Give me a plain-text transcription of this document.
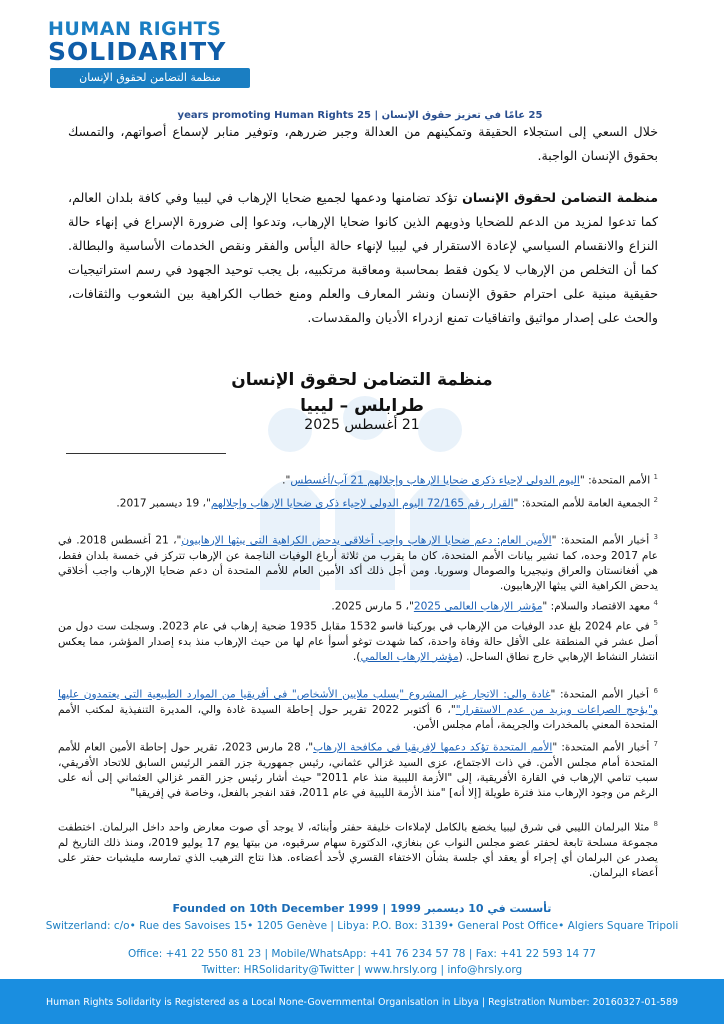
HUMAN RIGHTS
SOLIDARITY
منظمة التضامن لحقوق الإنسان
25 عامًا في تعزيز حقوق الإنسان | 25 years promoting Human Rights
خلال السعي إلى استجلاء الحقيقة وتمكينهم من العدالة وجبر ضررهم، وتوفير منابر لإسماع أصواتهم، والتمسك بحقوق الإنسان الواجبة.
منظمة التضامن لحقوق الإنسان تؤكد تضامنها ودعمها لجميع ضحايا الإرهاب في ليبيا وفي كافة بلدان العالم، كما تدعوا لمزيد من الدعم للضحايا وذويهم الذين كانوا ضحايا الإرهاب، وتدعوا إلى ضرورة الإسراع في إنهاء حالة النزاع والانقسام السياسي لإعادة الاستقرار في ليبيا لإنهاء حالة اليأس والفقر ونقص الخدمات الأساسية والبطالة. كما أن التخلص من الإرهاب لا يكون فقط بمحاسبة ومعاقبة مرتكبيه، بل يجب توحيد الجهود في رسم استراتيجيات حقيقية مبنية على احترام حقوق الإنسان ونشر المعارف والعلم ومنع خطاب الكراهية بين الشعوب والثقافات، والحث على إصدار مواثيق واتفاقيات تمنع ازدراء الأديان والمقدسات.
منظمة التضامن لحقوق الإنسان
طرابلس – ليبيا
21 أغسطس 2025
$^1$ الأمم المتحدة: "اليوم الدولي لإحياء ذكرى ضحايا الإرهاب وإجلالهم 21 آب/أغسطس".
$^2$ الجمعية العامة للأمم المتحدة: "القرار رقم 72/165 اليوم الدولي لإحياء ذكرى ضحايا الإرهاب وإجلالهم"، 19 ديسمبر 2017.
$^3$ أخبار الأمم المتحدة: "الأمين العام: دعم ضحايا الإرهاب واجب أخلاقي يدحض الكراهية التي يبثها الإرهابيون"، 21 أغسطس 2018. في عام 2017 وحده، كما تشير بيانات الأمم المتحدة، كان ما يقرب من ثلاثة أرباع الوفيات الناجمة عن الإرهاب تتركز في خمسة بلدان فقط، هي أفغانستان والعراق ونيجيريا والصومال وسوريا. ومن أجل ذلك أكد الأمين العام للأمم المتحدة أن دعم ضحايا الإرهاب واجب أخلاقي يدحض الكراهية التي يبثها الإرهابيون.
$^4$ معهد الاقتصاد والسلام: "مؤشر الإرهاب العالمي 2025"، 5 مارس 2025.
$^5$ في عام 2024 بلغ عدد الوفيات من الإرهاب في بوركينا فاسو 1532 مقابل 1935 ضحية إرهاب في عام 2023. وسجلت ست دول من أصل عشر في المنطقة على الأقل حالة وفاة واحدة، كما شهدت توغو أسوأ عام لها من حيث الإرهاب منذ بدء إصدار المؤشر، مما يعكس انتشار النشاط الإرهابي خارج نطاق الساحل. (مؤشر الإرهاب العالمي).
$^6$ أخبار الأمم المتحدة: "غادة والي: الاتجار غير المشروع "يسلب ملايين الأشخاص" في أفريقيا من الموارد الطبيعية التي يعتمدون عليها و"يؤجج الصراعات ويزيد من عدم الاستقرار""، 6 أكتوبر 2022 تقرير حول إحاطة السيدة غادة والي، المديرة التنفيذية لمكتب الأمم المتحدة المعني بالمخدرات والجريمة، أمام مجلس الأمن.
$^7$ أخبار الأمم المتحدة: "الأمم المتحدة تؤكد دعمها لإفريقيا في مكافحة الإرهاب"، 28 مارس 2023، تقرير حول إحاطة الأمين العام للأمم المتحدة أمام مجلس الأمن. في ذات الاجتماع، عزى السيد غزالي عثماني، رئيس جمهورية جزر القمر الرئيس السابق للاتحاد الأفريقي، سبب تنامي الإرهاب في القارة الأفريقية، إلى "الأزمة الليبية منذ عام 2011" حيث أشار رئيس جزر القمر غزالي العثماني إلى أنه على الرغم من وجود الإرهاب منذ فترة طويلة [إلا أنه] "منذ الأزمة الليبية في عام 2011، فقد انفجر بالفعل، وخاصة في إفريقيا"
$^8$ مثلا البرلمان الليبي في شرق ليبيا يخضع بالكامل لإملاءات خليفة حفتر وأبنائه، لا يوجد أي صوت معارض واحد داخل البرلمان. اختطفت مجموعة مسلحة تابعة لحفتر عضو مجلس النواب عن بنغازي، الدكتورة سهام سرقيوه، من بيتها يوم 17 يوليو 2019، ومنذ ذلك التاريخ لم يصدر عن البرلمان أي إجراء أو يعقد أي جلسة بشأن الاختفاء القسري لأحد أعضاءه. هذا نتاج الترهيب الذي تمارسه مليشيات حفتر على أعضاء البرلمان.
Founded on 10th December 1999 | تأسست في 10 ديسمبر 1999
Switzerland: c/o• Rue des Savoises 15• 1205 Genève | Libya: P.O. Box: 3139• General Post Office• Algiers Square Tripoli
Office: +41 22 550 81 23 | Mobile/WhatsApp: +41 76 234 57 78 | Fax: +41 22 593 14 77
Twitter: HRSolidarity@Twitter | www.hrsly.org | info@hrsly.org
Human Rights Solidarity is Registered as a Local None-Governmental Organisation in Libya | Registration Number: 20160327-01-589
